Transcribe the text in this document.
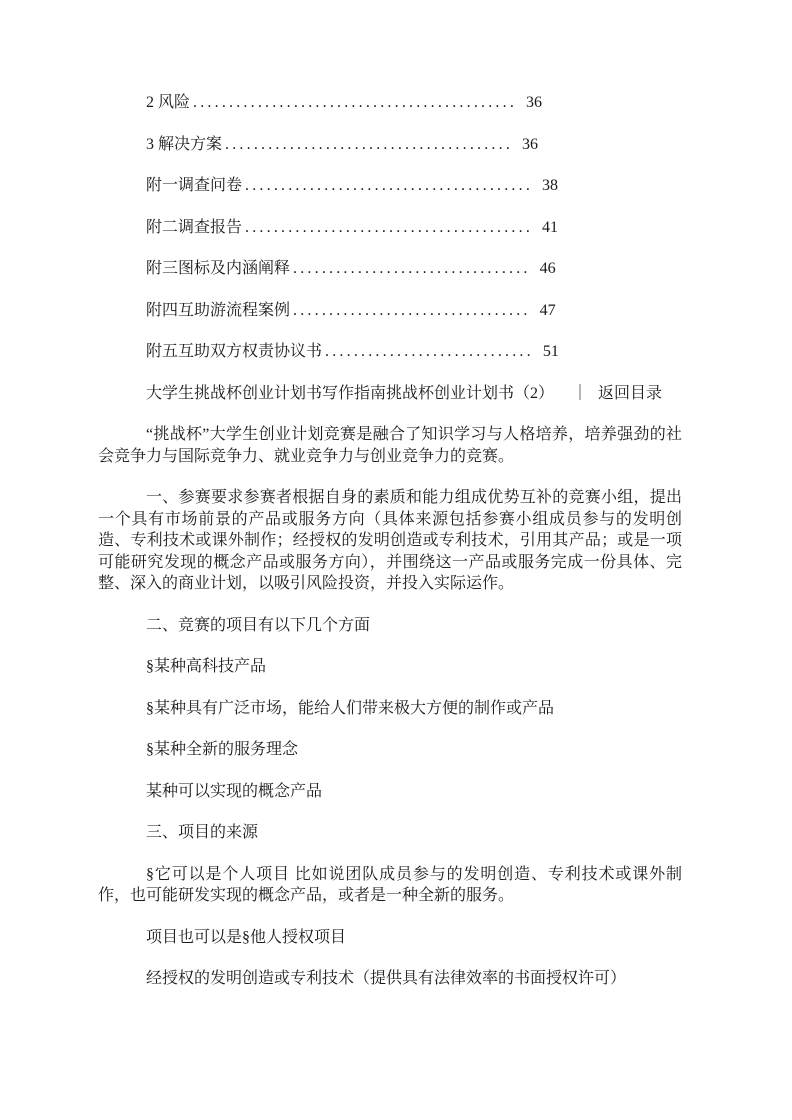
2 风险 ............................................. 36

3 解决方案 ........................................ 36

附一调查问卷 ........................................ 38

附二调查报告 ........................................ 41

附三图标及内涵阐释 ................................. 46

附四互助游流程案例 ................................. 47

附五互助双方权责协议书 ............................. 51

大学生挑战杯创业计划书写作指南挑战杯创业计划书（2） ｜ 返回目录

“挑战杯”大学生创业计划竞赛是融合了知识学习与人格培养，培养强劲的社会竞争力与国际竞争力、就业竞争力与创业竞争力的竞赛。

一、参赛要求参赛者根据自身的素质和能力组成优势互补的竞赛小组，提出一个具有市场前景的产品或服务方向（具体来源包括参赛小组成员参与的发明创造、专利技术或课外制作；经授权的发明创造或专利技术，引用其产品；或是一项可能研究发现的概念产品或服务方向），并围绕这一产品或服务完成一份具体、完整、深入的商业计划，以吸引风险投资，并投入实际运作。

二、竞赛的项目有以下几个方面

§某种高科技产品

§某种具有广泛市场，能给人们带来极大方便的制作或产品

§某种全新的服务理念

某种可以实现的概念产品

三、项目的来源

§它可以是个人项目 比如说团队成员参与的发明创造、专利技术或课外制作，也可能研发实现的概念产品，或者是一种全新的服务。

项目也可以是§他人授权项目

经授权的发明创造或专利技术（提供具有法律效率的书面授权许可）
